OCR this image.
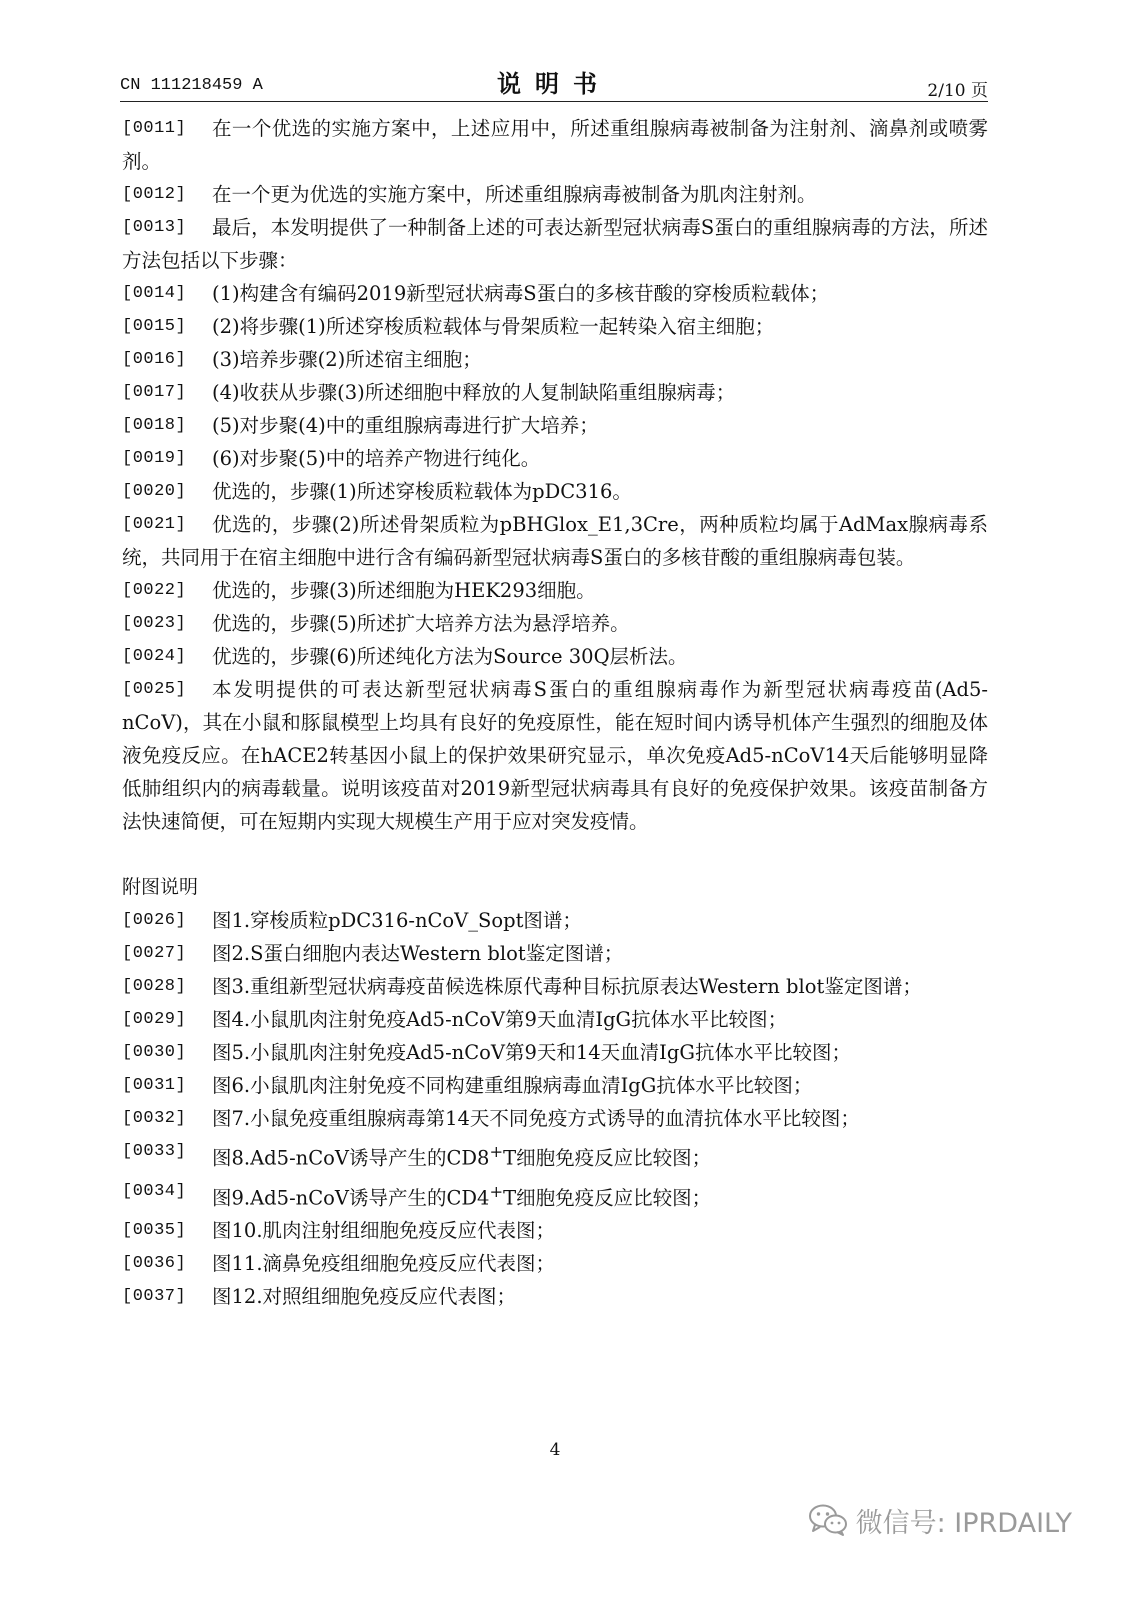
CN 111218459 A	说明书	2/10 页
[0011]	在一个优选的实施方案中，上述应用中，所述重组腺病毒被制备为注射剂、滴鼻剂或喷雾剂。
[0012]	在一个更为优选的实施方案中，所述重组腺病毒被制备为肌肉注射剂。
[0013]	最后，本发明提供了一种制备上述的可表达新型冠状病毒S蛋白的重组腺病毒的方法，所述方法包括以下步骤：
[0014]	(1)构建含有编码2019新型冠状病毒S蛋白的多核苷酸的穿梭质粒载体；
[0015]	(2)将步骤(1)所述穿梭质粒载体与骨架质粒一起转染入宿主细胞；
[0016]	(3)培养步骤(2)所述宿主细胞；
[0017]	(4)收获从步骤(3)所述细胞中释放的人复制缺陷重组腺病毒；
[0018]	(5)对步聚(4)中的重组腺病毒进行扩大培养；
[0019]	(6)对步聚(5)中的培养产物进行纯化。
[0020]	优选的，步骤(1)所述穿梭质粒载体为pDC316。
[0021]	优选的，步骤(2)所述骨架质粒为pBHGlox_E1,3Cre，两种质粒均属于AdMax腺病毒系统，共同用于在宿主细胞中进行含有编码新型冠状病毒S蛋白的多核苷酸的重组腺病毒包装。
[0022]	优选的，步骤(3)所述细胞为HEK293细胞。
[0023]	优选的，步骤(5)所述扩大培养方法为悬浮培养。
[0024]	优选的，步骤(6)所述纯化方法为Source 30Q层析法。
[0025]	本发明提供的可表达新型冠状病毒S蛋白的重组腺病毒作为新型冠状病毒疫苗(Ad5-nCoV)，其在小鼠和豚鼠模型上均具有良好的免疫原性，能在短时间内诱导机体产生强烈的细胞及体液免疫反应。在hACE2转基因小鼠上的保护效果研究显示，单次免疫Ad5-nCoV14天后能够明显降低肺组织内的病毒载量。说明该疫苗对2019新型冠状病毒具有良好的免疫保护效果。该疫苗制备方法快速简便，可在短期内实现大规模生产用于应对突发疫情。
附图说明
[0026]	图1.穿梭质粒pDC316-nCoV_Sopt图谱；
[0027]	图2.S蛋白细胞内表达Western blot鉴定图谱；
[0028]	图3.重组新型冠状病毒疫苗候选株原代毒种目标抗原表达Western blot鉴定图谱；
[0029]	图4.小鼠肌肉注射免疫Ad5-nCoV第9天血清IgG抗体水平比较图；
[0030]	图5.小鼠肌肉注射免疫Ad5-nCoV第9天和14天血清IgG抗体水平比较图；
[0031]	图6.小鼠肌肉注射免疫不同构建重组腺病毒血清IgG抗体水平比较图；
[0032]	图7.小鼠免疫重组腺病毒第14天不同免疫方式诱导的血清抗体水平比较图；
[0033]	图8.Ad5-nCoV诱导产生的CD8+T细胞免疫反应比较图；
[0034]	图9.Ad5-nCoV诱导产生的CD4+T细胞免疫反应比较图；
[0035]	图10.肌肉注射组细胞免疫反应代表图；
[0036]	图11.滴鼻免疫组细胞免疫反应代表图；
[0037]	图12.对照组细胞免疫反应代表图；
4
微信号: IPRDAILY
